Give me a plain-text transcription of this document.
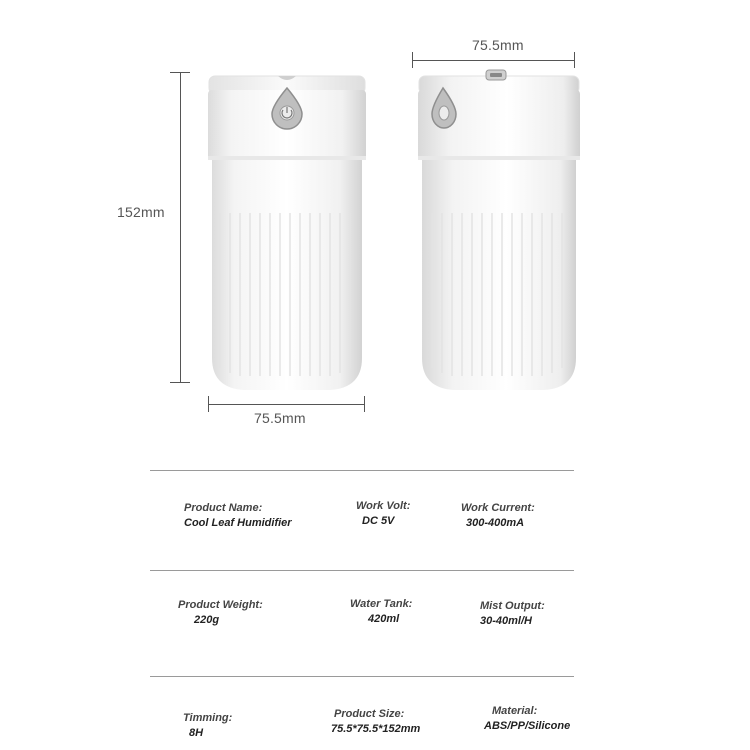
152mm
75.5mm
75.5mm
Product Name:
Cool Leaf Humidifier
Work Volt:
DC 5V
Work Current:
300-400mA
Product Weight:
220g
Water Tank:
420ml
Mist Output:
30-40ml/H
Timming:
8H
Product Size:
75.5*75.5*152mm
Material:
ABS/PP/Silicone
